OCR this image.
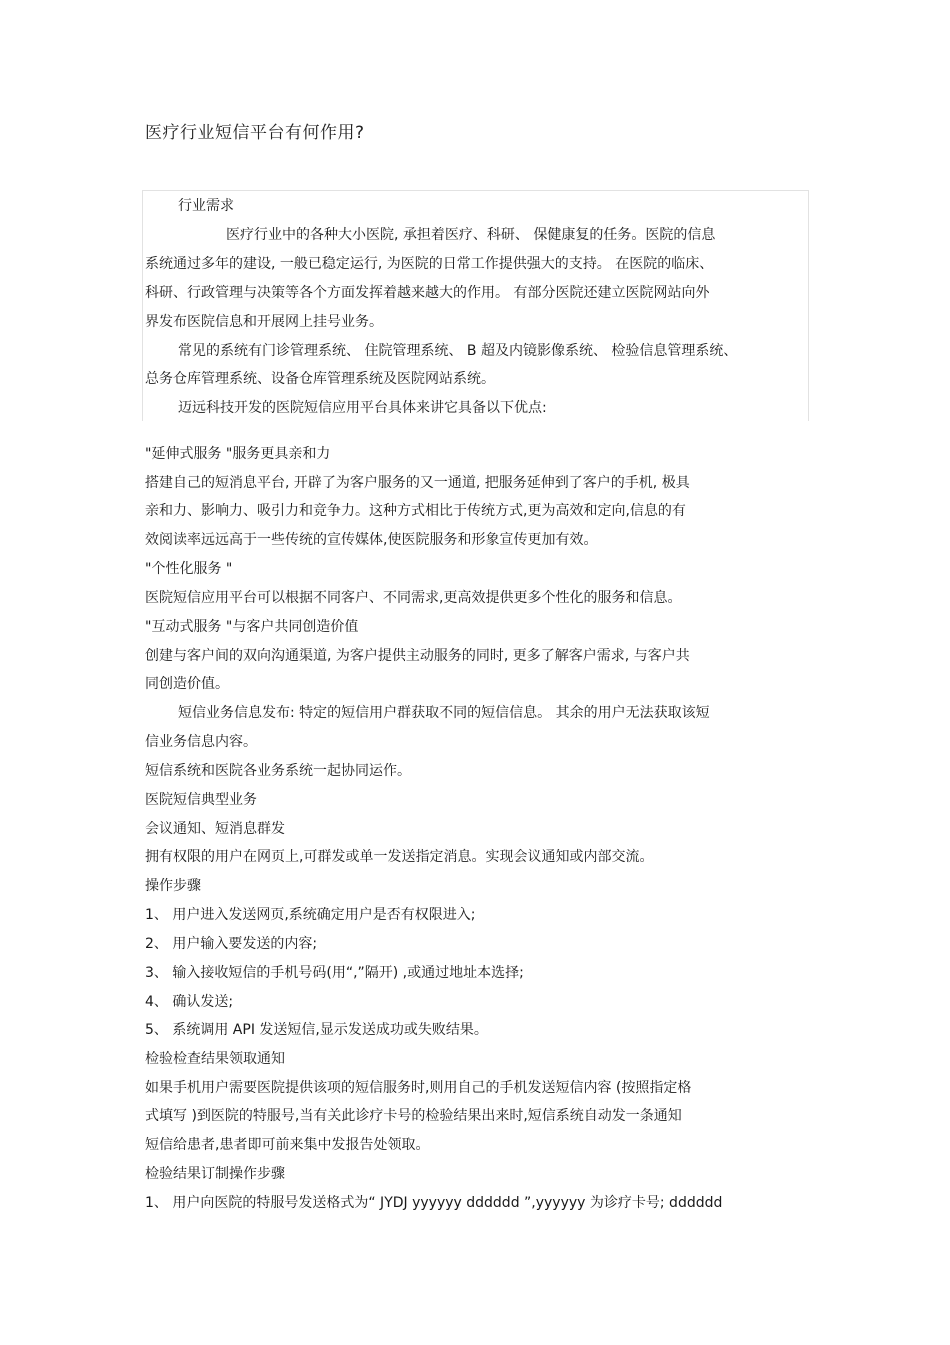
医疗行业短信平台有何作用?
行业需求
医疗行业中的各种大小医院, 承担着医疗、科研、 保健康复的任务。医院的信息
系统通过多年的建设, 一般已稳定运行, 为医院的日常工作提供强大的支持。 在医院的临床、
科研、行政管理与决策等各个方面发挥着越来越大的作用。 有部分医院还建立医院网站向外
界发布医院信息和开展网上挂号业务。
常见的系统有门诊管理系统、 住院管理系统、 B 超及内镜影像系统、 检验信息管理系统、
总务仓库管理系统、设备仓库管理系统及医院网站系统。
迈远科技开发的医院短信应用平台具体来讲它具备以下优点:
"延伸式服务 "服务更具亲和力
搭建自己的短消息平台, 开辟了为客户服务的又一通道, 把服务延伸到了客户的手机, 极具
亲和力、影响力、吸引力和竞争力。这种方式相比于传统方式,更为高效和定向,信息的有
效阅读率远远高于一些传统的宣传媒体,使医院服务和形象宣传更加有效。
"个性化服务 "
医院短信应用平台可以根据不同客户、不同需求,更高效提供更多个性化的服务和信息。
"互动式服务 "与客户共同创造价值
创建与客户间的双向沟通渠道, 为客户提供主动服务的同时, 更多了解客户需求, 与客户共
同创造价值。
短信业务信息发布: 特定的短信用户群获取不同的短信信息。 其余的用户无法获取该短
信业务信息内容。
短信系统和医院各业务系统一起协同运作。
医院短信典型业务
会议通知、短消息群发
拥有权限的用户在网页上,可群发或单一发送指定消息。实现会议通知或内部交流。
操作步骤
1、 用户进入发送网页,系统确定用户是否有权限进入;
2、 用户输入要发送的内容;
3、 输入接收短信的手机号码(用“,”隔开) ,或通过地址本选择;
4、 确认发送;
5、 系统调用 API 发送短信,显示发送成功或失败结果。
检验检查结果领取通知
如果手机用户需要医院提供该项的短信服务时,则用自己的手机发送短信内容 (按照指定格
式填写 )到医院的特服号,当有关此诊疗卡号的检验结果出来时,短信系统自动发一条通知
短信给患者,患者即可前来集中发报告处领取。
检验结果订制操作步骤
1、 用户向医院的特服号发送格式为“ JYDJ yyyyyy dddddd ”,yyyyyy 为诊疗卡号; dddddd
